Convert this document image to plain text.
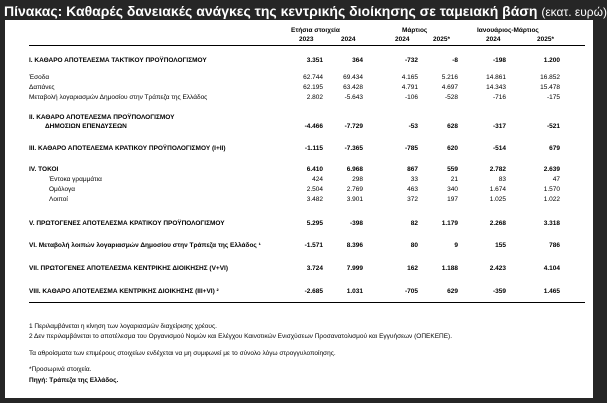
Πίνακας: Καθαρές δανειακές ανάγκες της κεντρικής διοίκησης σε ταμειακή βάση (εκατ. ευρώ)
Ετήσια στοιχεία	Μάρτιος	Ιανουάριος-Μάρτιος
2023	2024	2024	2025*	2024	2025*
I. ΚΑΘΑΡΟ ΑΠΟΤΕΛΕΣΜΑ ΤΑΚΤΙΚΟΥ ΠΡΟΫΠΟΛΟΓΙΣΜΟΥ	3.351	364	-732	-8	-198	1.200
Έσοδα	62.744	69.434	4.165	5.216	14.861	16.852
Δαπάνες	62.195	63.428	4.791	4.697	14.343	15.478
Μεταβολή λογαριασμών Δημοσίου στην Τράπεζα της Ελλάδος	2.802	-5.643	-106	-528	-716	-175
II. ΚΑΘΑΡΟ ΑΠΟΤΕΛΕΣΜΑ ΠΡΟΫΠΟΛΟΓΙΣΜΟΥ
ΔΗΜΟΣΙΩΝ ΕΠΕΝΔΥΣΕΩΝ	-4.466	-7.729	-53	628	-317	-521
III. ΚΑΘΑΡΟ ΑΠΟΤΕΛΕΣΜΑ ΚΡΑΤΙΚΟΥ ΠΡΟΫΠΟΛΟΓΙΣΜΟΥ (I+II)	-1.115	-7.365	-785	620	-514	679
IV. ΤΟΚΟΙ	6.410	6.968	867	559	2.782	2.639
Έντοκα γραμμάτια	424	298	33	21	83	47
Ομόλογα	2.504	2.769	463	340	1.674	1.570
Λοιποί	3.482	3.901	372	197	1.025	1.022
V. ΠΡΩΤΟΓΕΝΕΣ ΑΠΟΤΕΛΕΣΜΑ ΚΡΑΤΙΚΟΥ ΠΡΟΫΠΟΛΟΓΙΣΜΟΥ	5.295	-398	82	1.179	2.268	3.318
VI. Μεταβολή λοιπών λογαριασμών Δημοσίου στην Τράπεζα της Ελλάδος ¹	-1.571	8.396	80	9	155	786
VII. ΠΡΩΤΟΓΕΝΕΣ ΑΠΟΤΕΛΕΣΜΑ ΚΕΝΤΡΙΚΗΣ ΔΙΟΙΚΗΣΗΣ (V+VI)	3.724	7.999	162	1.188	2.423	4.104
VIII. ΚΑΘΑΡΟ ΑΠΟΤΕΛΕΣΜΑ ΚΕΝΤΡΙΚΗΣ ΔΙΟΙΚΗΣΗΣ (III+VI) ²	-2.685	1.031	-705	629	-359	1.465
1 Περιλαμβάνεται η κίνηση των λογαριασμών διαχείρισης χρέους.
2 Δεν περιλαμβάνεται το αποτέλεσμα του Οργανισμού Νομών και Ελέγχου Καινοτικών Ενισχύσεων Προσανατολισμού και Εγγυήσεων (ΟΠΕΚΕΠΕ).
Τα αθροίσματα των επιμέρους στοιχείων ενδέχεται να μη συμφωνεί με το σύνολο λόγω στρογγυλοποίησης.
*Προσωρινά στοιχεία.
Πηγή: Τράπεζα της Ελλάδος.
